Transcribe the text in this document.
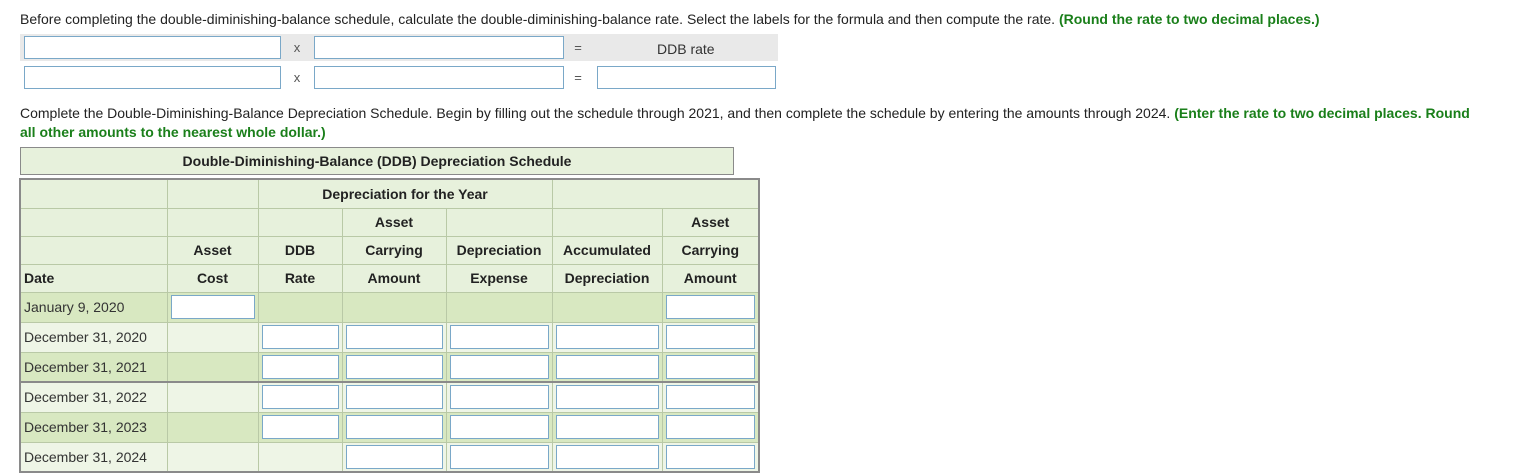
Before completing the double-diminishing-balance schedule, calculate the double-diminishing-balance rate. Select the labels for the formula and then compute the rate. (Round the rate to two decimal places.)
x	=	DDB rate
x	=
Complete the Double-Diminishing-Balance Depreciation Schedule. Begin by filling out the schedule through 2021, and then complete the schedule by entering the amounts through 2024. (Enter the rate to two decimal places. Round
all other amounts to the nearest whole dollar.)
Double-Diminishing-Balance (DDB) Depreciation Schedule
		Depreciation for the Year				
			Asset			Asset
	Asset	DDB	Carrying	Depreciation	Accumulated	Carrying
Date	Cost	Rate	Amount	Expense	Depreciation	Amount
January 9, 2020	

December 31, 2020		

December 31, 2021		

December 31, 2022		

December 31, 2023		

December 31, 2024			
